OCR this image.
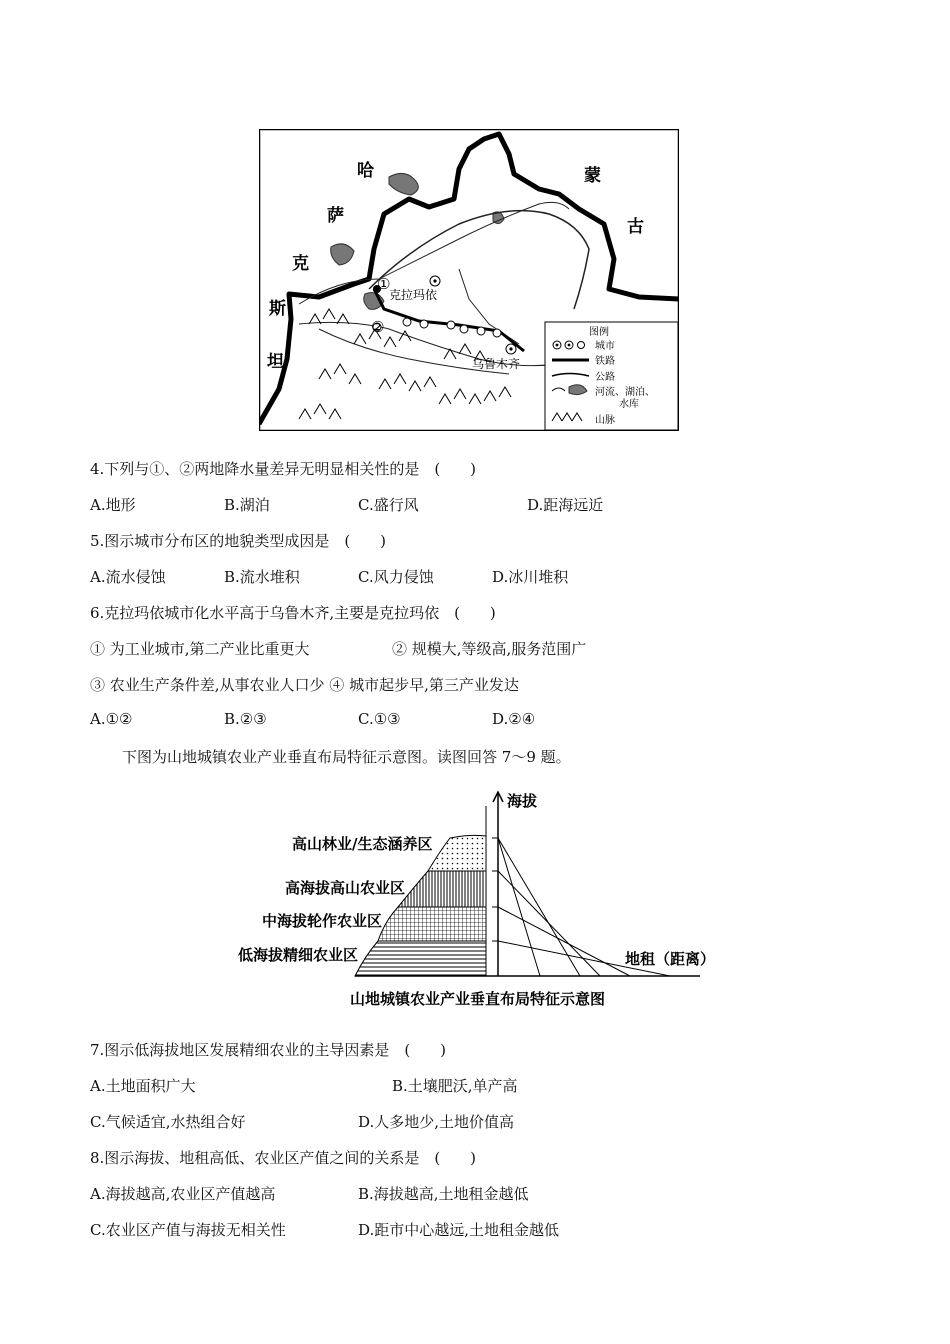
哈
萨
克
斯
坦
蒙
古
克拉玛依
乌鲁木齐
①
②	图例
城市
铁路
公路
河流、湖泊、
水库
山脉
4.下列与①、②两地降水量差异无明显相关性的是　(　　)
A.地形	B.湖泊	C.盛行风	D.距海远近
5.图示城市分布区的地貌类型成因是　(　　)
A.流水侵蚀	B.流水堆积	C.风力侵蚀	D.冰川堆积
6.克拉玛依城市化水平高于乌鲁木齐,主要是克拉玛依　(　　)
① 为工业城市,第二产业比重更大	② 规模大,等级高,服务范围广
③ 农业生产条件差,从事农业人口少 ④ 城市起步早,第三产业发达
A.①②	B.②③	C.①③	D.②④
下图为山地城镇农业产业垂直布局特征示意图。读图回答 7～9 题。
海拔
地租（距离）
高山林业/生态涵养区
高海拔高山农业区
中海拔轮作农业区
低海拔精细农业区
山地城镇农业产业垂直布局特征示意图
7.图示低海拔地区发展精细农业的主导因素是　(　　)
A.土地面积广大	B.土壤肥沃,单产高
C.气候适宜,水热组合好	D.人多地少,土地价值高
8.图示海拔、地租高低、农业区产值之间的关系是　(　　)
A.海拔越高,农业区产值越高	B.海拔越高,土地租金越低
C.农业区产值与海拔无相关性	D.距市中心越远,土地租金越低
